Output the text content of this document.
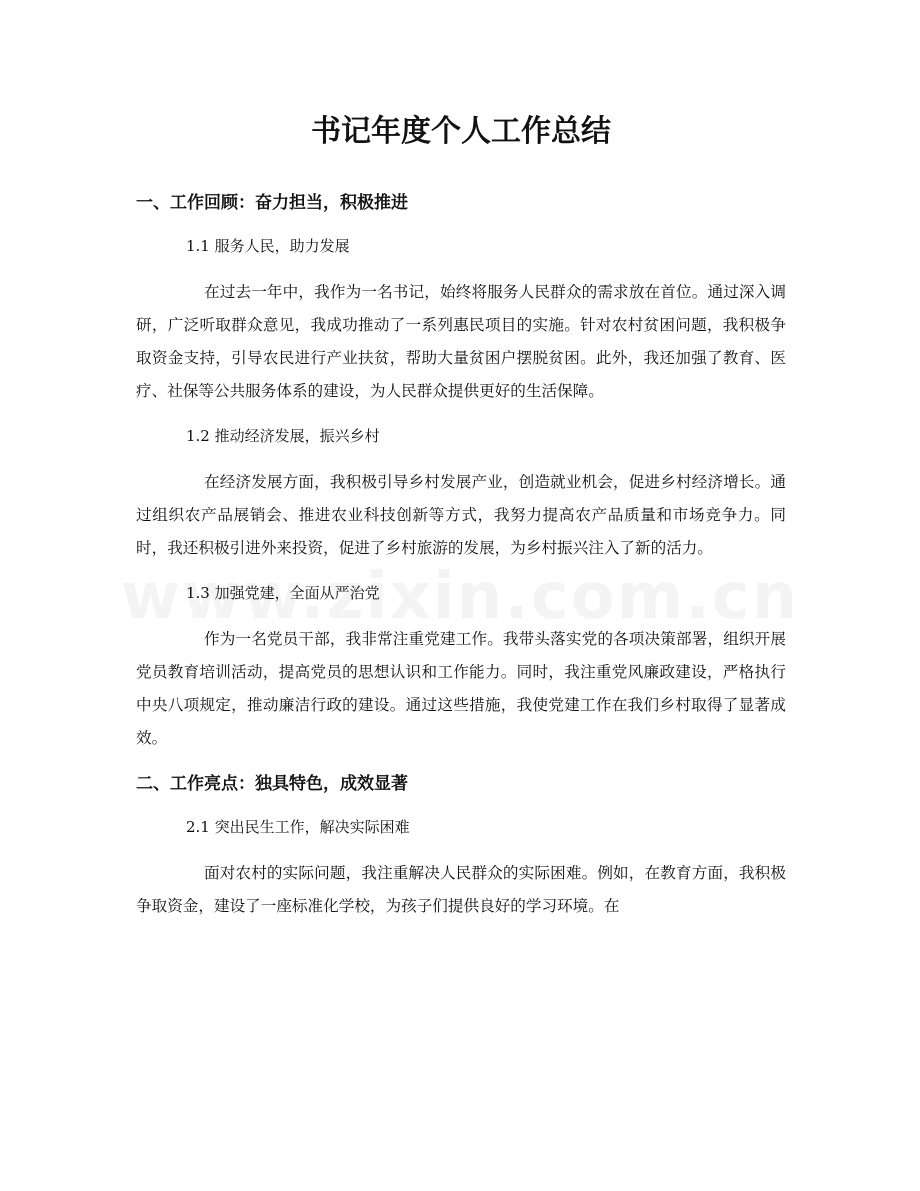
书记年度个人工作总结
一、工作回顾：奋力担当，积极推进
1.1 服务人民，助力发展

在过去一年中，我作为一名书记，始终将服务人民群众的需求放在首位。通过深入调研，广泛听取群众意见，我成功推动了一系列惠民项目的实施。针对农村贫困问题，我积极争取资金支持，引导农民进行产业扶贫，帮助大量贫困户摆脱贫困。此外，我还加强了教育、医疗、社保等公共服务体系的建设，为人民群众提供更好的生活保障。

1.2 推动经济发展，振兴乡村

在经济发展方面，我积极引导乡村发展产业，创造就业机会，促进乡村经济增长。通过组织农产品展销会、推进农业科技创新等方式，我努力提高农产品质量和市场竞争力。同时，我还积极引进外来投资，促进了乡村旅游的发展，为乡村振兴注入了新的活力。

1.3 加强党建，全面从严治党

作为一名党员干部，我非常注重党建工作。我带头落实党的各项决策部署，组织开展党员教育培训活动，提高党员的思想认识和工作能力。同时，我注重党风廉政建设，严格执行中央八项规定，推动廉洁行政的建设。通过这些措施，我使党建工作在我们乡村取得了显著成效。

二、工作亮点：独具特色，成效显著
2.1 突出民生工作，解决实际困难

面对农村的实际问题，我注重解决人民群众的实际困难。例如，在教育方面，我积极争取资金，建设了一座标准化学校，为孩子们提供良好的学习环境。在
